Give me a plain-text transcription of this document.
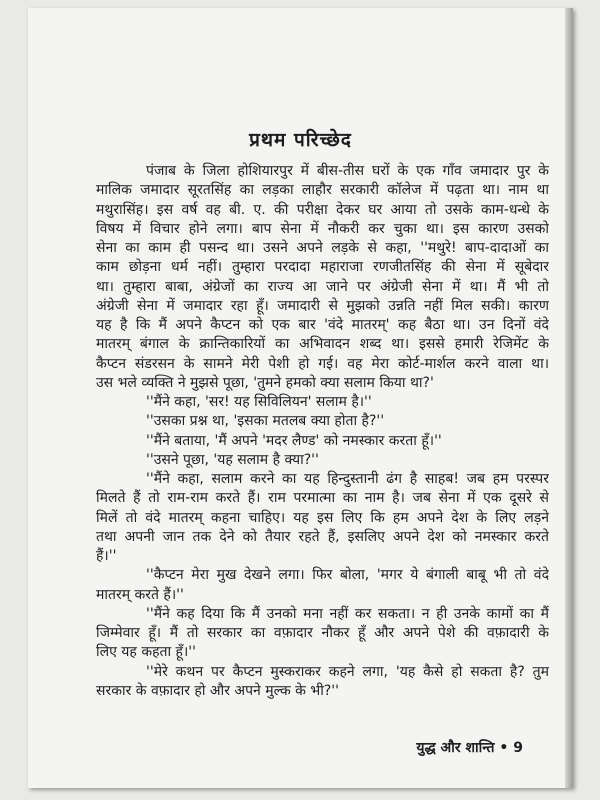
प्रथम परिच्छेद
पंजाब के जिला होशियारपुर में बीस-तीस घरों के एक गाँव जमादार पुर के
मालिक जमादार सूरतसिंह का लड़का लाहौर सरकारी कॉलेज में पढ़ता था। नाम था
मथुरासिंह। इस वर्ष वह बी. ए. की परीक्षा देकर घर आया तो उसके काम-धन्धे के
विषय में विचार होने लगा। बाप सेना में नौकरी कर चुका था। इस कारण उसको
सेना का काम ही पसन्द था। उसने अपने लड़के से कहा, ''मथुरे! बाप-दादाओं का
काम छोड़ना धर्म नहीं। तुम्हारा परदादा महाराजा रणजीतसिंह की सेना में सूबेदार
था। तुम्हारा बाबा, अंग्रेजों का राज्य आ जाने पर अंग्रेजी सेना में था। मैं भी तो
अंग्रेजी सेना में जमादार रहा हूँ। जमादारी से मुझको उन्नति नहीं मिल सकी। कारण
यह है कि मैं अपने कैप्टन को एक बार 'वंदे मातरम्' कह बैठा था। उन दिनों वंदे
मातरम् बंगाल के क्रान्तिकारियों का अभिवादन शब्द था। इससे हमारी रेजिमेंट के
कैप्टन संडरसन के सामने मेरी पेशी हो गई। वह मेरा कोर्ट-मार्शल करने वाला था।
उस भले व्यक्ति ने मुझसे पूछा, 'तुमने हमको क्या सलाम किया था?'
''मैंने कहा, 'सर! यह सिविलियन' सलाम है।''
''उसका प्रश्न था, 'इसका मतलब क्या होता है?''
''मैंने बताया, 'मैं अपने 'मदर लैण्ड' को नमस्कार करता हूँ।''
''उसने पूछा, 'यह सलाम है क्या?''
''मैंने कहा, सलाम करने का यह हिन्दुस्तानी ढंग है साहब! जब हम परस्पर
मिलते हैं तो राम-राम करते हैं। राम परमात्मा का नाम है। जब सेना में एक दूसरे से
मिलें तो वंदे मातरम् कहना चाहिए। यह इस लिए कि हम अपने देश के लिए लड़ने
तथा अपनी जान तक देने को तैयार रहते हैं, इसलिए अपने देश को नमस्कार करते
हैं।''
''कैप्टन मेरा मुख देखने लगा। फिर बोला, 'मगर ये बंगाली बाबू भी तो वंदे
मातरम् करते हैं।''
''मैंने कह दिया कि मैं उनको मना नहीं कर सकता। न ही उनके कामों का मैं
जिम्मेवार हूँ। मैं तो सरकार का वफ़ादार नौकर हूँ और अपने पेशे की वफ़ादारी के
लिए यह कहता हूँ।''
''मेरे कथन पर कैप्टन मुस्कराकर कहने लगा, 'यह कैसे हो सकता है? तुम
सरकार के वफ़ादार हो और अपने मुल्क के भी?''
युद्ध और शान्ति • 9
